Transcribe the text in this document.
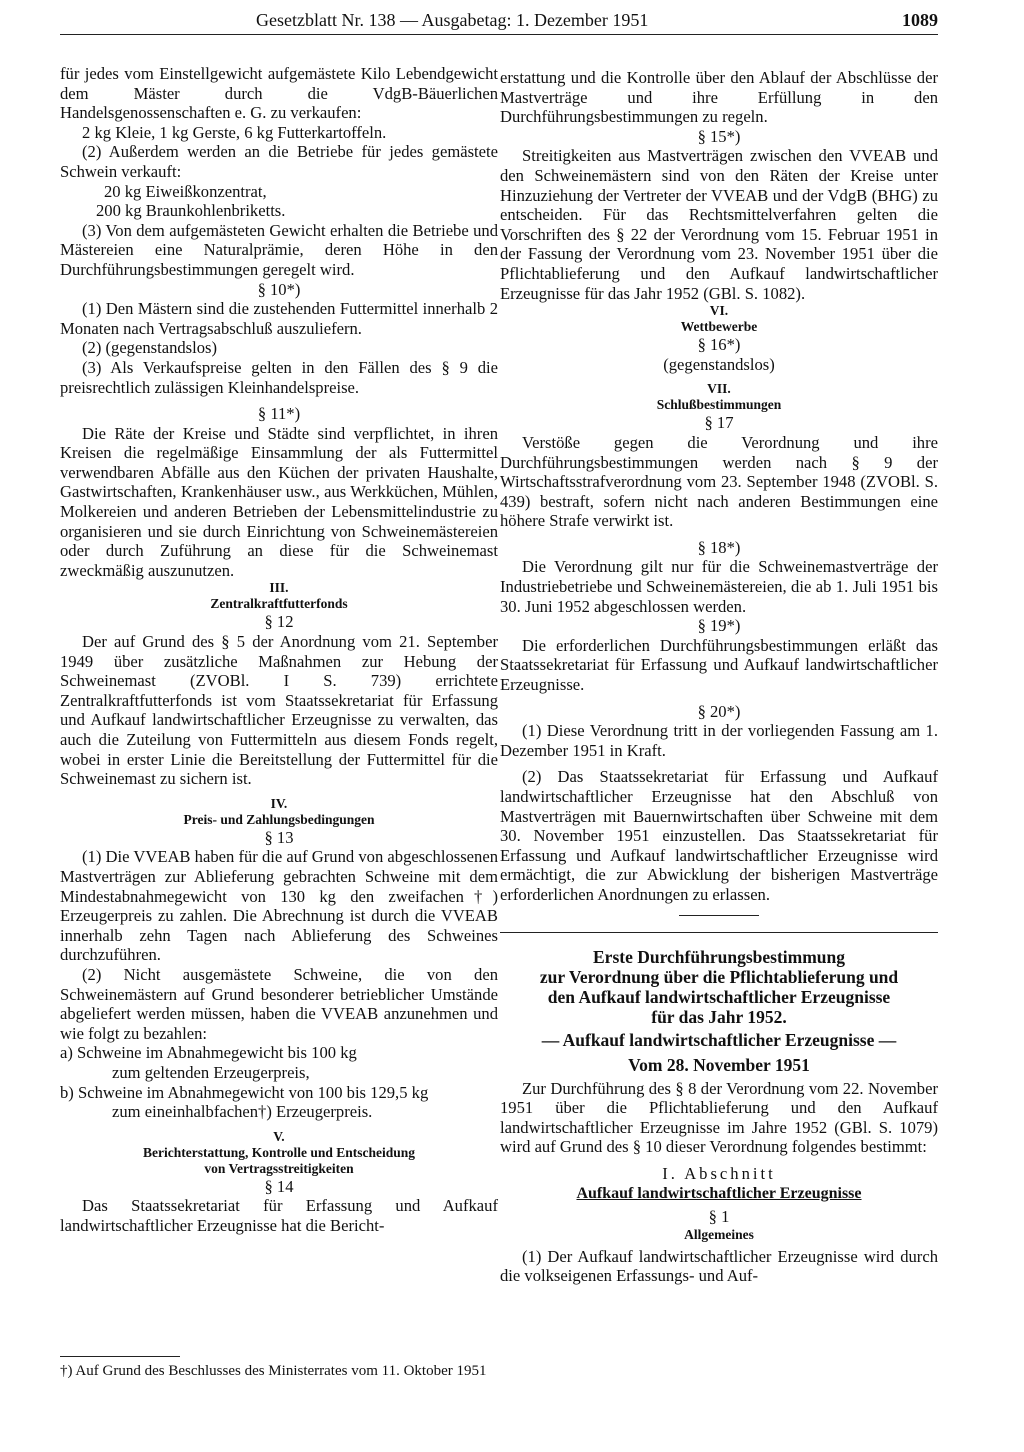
Gesetzblatt Nr. 138 — Ausgabetag: 1. Dezember 1951	1089

für jedes vom Einstellgewicht aufgemästete Kilo Lebendgewicht dem Mäster durch die VdgB-Bäuerlichen Handelsgenossenschaften e. G. zu verkaufen:

2 kg Kleie, 1 kg Gerste, 6 kg Futterkartoffeln.

(2) Außerdem werden an die Betriebe für jedes gemästete Schwein verkauft:

20 kg Eiweißkonzentrat,

200 kg Braunkohlenbriketts.

(3) Von dem aufgemästeten Gewicht erhalten die Betriebe und Mästereien eine Naturalprämie, deren Höhe in den Durchführungsbestimmungen geregelt wird.

§ 10*)

(1) Den Mästern sind die zustehenden Futtermittel innerhalb 2 Monaten nach Vertragsabschluß auszuliefern.

(2) (gegenstandslos)

(3) Als Verkaufspreise gelten in den Fällen des § 9 die preisrechtlich zulässigen Kleinhandelspreise.

§ 11*)

Die Räte der Kreise und Städte sind verpflichtet, in ihren Kreisen die regelmäßige Einsammlung der als Futtermittel verwendbaren Abfälle aus den Küchen der privaten Haushalte, Gastwirtschaften, Krankenhäuser usw., aus Werkküchen, Mühlen, Molkereien und anderen Betrieben der Lebensmittelindustrie zu organisieren und sie durch Einrichtung von Schweinemästereien oder durch Zuführung an diese für die Schweinemast zweckmäßig auszunutzen.

III.

Zentralkraftfutterfonds

§ 12

Der auf Grund des § 5 der Anordnung vom 21. September 1949 über zusätzliche Maßnahmen zur Hebung der Schweinemast (ZVOBl. I S. 739) errichtete Zentralkraftfutterfonds ist vom Staatssekretariat für Erfassung und Aufkauf landwirtschaftlicher Erzeugnisse zu verwalten, das auch die Zuteilung von Futtermitteln aus diesem Fonds regelt, wobei in erster Linie die Bereitstellung der Futtermittel für die Schweinemast zu sichern ist.

IV.

Preis- und Zahlungsbedingungen

§ 13

(1) Die VVEAB haben für die auf Grund von abgeschlossenen Mastverträgen zur Ablieferung gebrachten Schweine mit dem Mindestabnahmegewicht von 130 kg den zweifachen†) Erzeugerpreis zu zahlen. Die Abrechnung ist durch die VVEAB innerhalb zehn Tagen nach Ablieferung des Schweines durchzuführen.

(2) Nicht ausgemästete Schweine, die von den Schweinemästern auf Grund besonderer betrieblicher Umstände abgeliefert werden müssen, haben die VVEAB anzunehmen und wie folgt zu bezahlen:

a) Schweine im Abnahmegewicht bis 100 kg

zum geltenden Erzeugerpreis,

b) Schweine im Abnahmegewicht von 100 bis 129,5 kg

zum eineinhalbfachen†) Erzeugerpreis.

V.

Berichterstattung, Kontrolle und Entscheidung

von Vertragsstreitigkeiten

§ 14

Das Staatssekretariat für Erfassung und Aufkauf landwirtschaftlicher Erzeugnisse hat die Bericht-

†) Auf Grund des Beschlusses des Ministerrates vom 11. Oktober 1951

erstattung und die Kontrolle über den Ablauf der Abschlüsse der Mastverträge und ihre Erfüllung in den Durchführungsbestimmungen zu regeln.

§ 15*)

Streitigkeiten aus Mastverträgen zwischen den VVEAB und den Schweinemästern sind von den Räten der Kreise unter Hinzuziehung der Vertreter der VVEAB und der VdgB (BHG) zu entscheiden. Für das Rechtsmittelverfahren gelten die Vorschriften des § 22 der Verordnung vom 15. Februar 1951 in der Fassung der Verordnung vom 23. November 1951 über die Pflichtablieferung und den Aufkauf landwirtschaftlicher Erzeugnisse für das Jahr 1952 (GBl. S. 1082).

VI.

Wettbewerbe

§ 16*)

(gegenstandslos)

VII.

Schlußbestimmungen

§ 17

Verstöße gegen die Verordnung und ihre Durchführungsbestimmungen werden nach § 9 der Wirtschaftsstrafverordnung vom 23. September 1948 (ZVOBl. S. 439) bestraft, sofern nicht nach anderen Bestimmungen eine höhere Strafe verwirkt ist.

§ 18*)

Die Verordnung gilt nur für die Schweinemastverträge der Industriebetriebe und Schweinemästereien, die ab 1. Juli 1951 bis 30. Juni 1952 abgeschlossen werden.

§ 19*)

Die erforderlichen Durchführungsbestimmungen erläßt das Staatssekretariat für Erfassung und Aufkauf landwirtschaftlicher Erzeugnisse.

§ 20*)

(1) Diese Verordnung tritt in der vorliegenden Fassung am 1. Dezember 1951 in Kraft.

(2) Das Staatssekretariat für Erfassung und Aufkauf landwirtschaftlicher Erzeugnisse hat den Abschluß von Mastverträgen mit Bauernwirtschaften über Schweine mit dem 30. November 1951 einzustellen. Das Staatssekretariat für Erfassung und Aufkauf landwirtschaftlicher Erzeugnisse wird ermächtigt, die zur Abwicklung der bisherigen Mastverträge erforderlichen Anordnungen zu erlassen.

Erste Durchführungsbestimmung

zur Verordnung über die Pflichtablieferung und

den Aufkauf landwirtschaftlicher Erzeugnisse

für das Jahr 1952.

— Aufkauf landwirtschaftlicher Erzeugnisse —

Vom 28. November 1951

Zur Durchführung des § 8 der Verordnung vom 22. November 1951 über die Pflichtablieferung und den Aufkauf landwirtschaftlicher Erzeugnisse im Jahre 1952 (GBl. S. 1079) wird auf Grund des § 10 dieser Verordnung folgendes bestimmt:

I. Abschnitt

Aufkauf landwirtschaftlicher Erzeugnisse

§ 1

Allgemeines

(1) Der Aufkauf landwirtschaftlicher Erzeugnisse wird durch die volkseigenen Erfassungs- und Auf-
